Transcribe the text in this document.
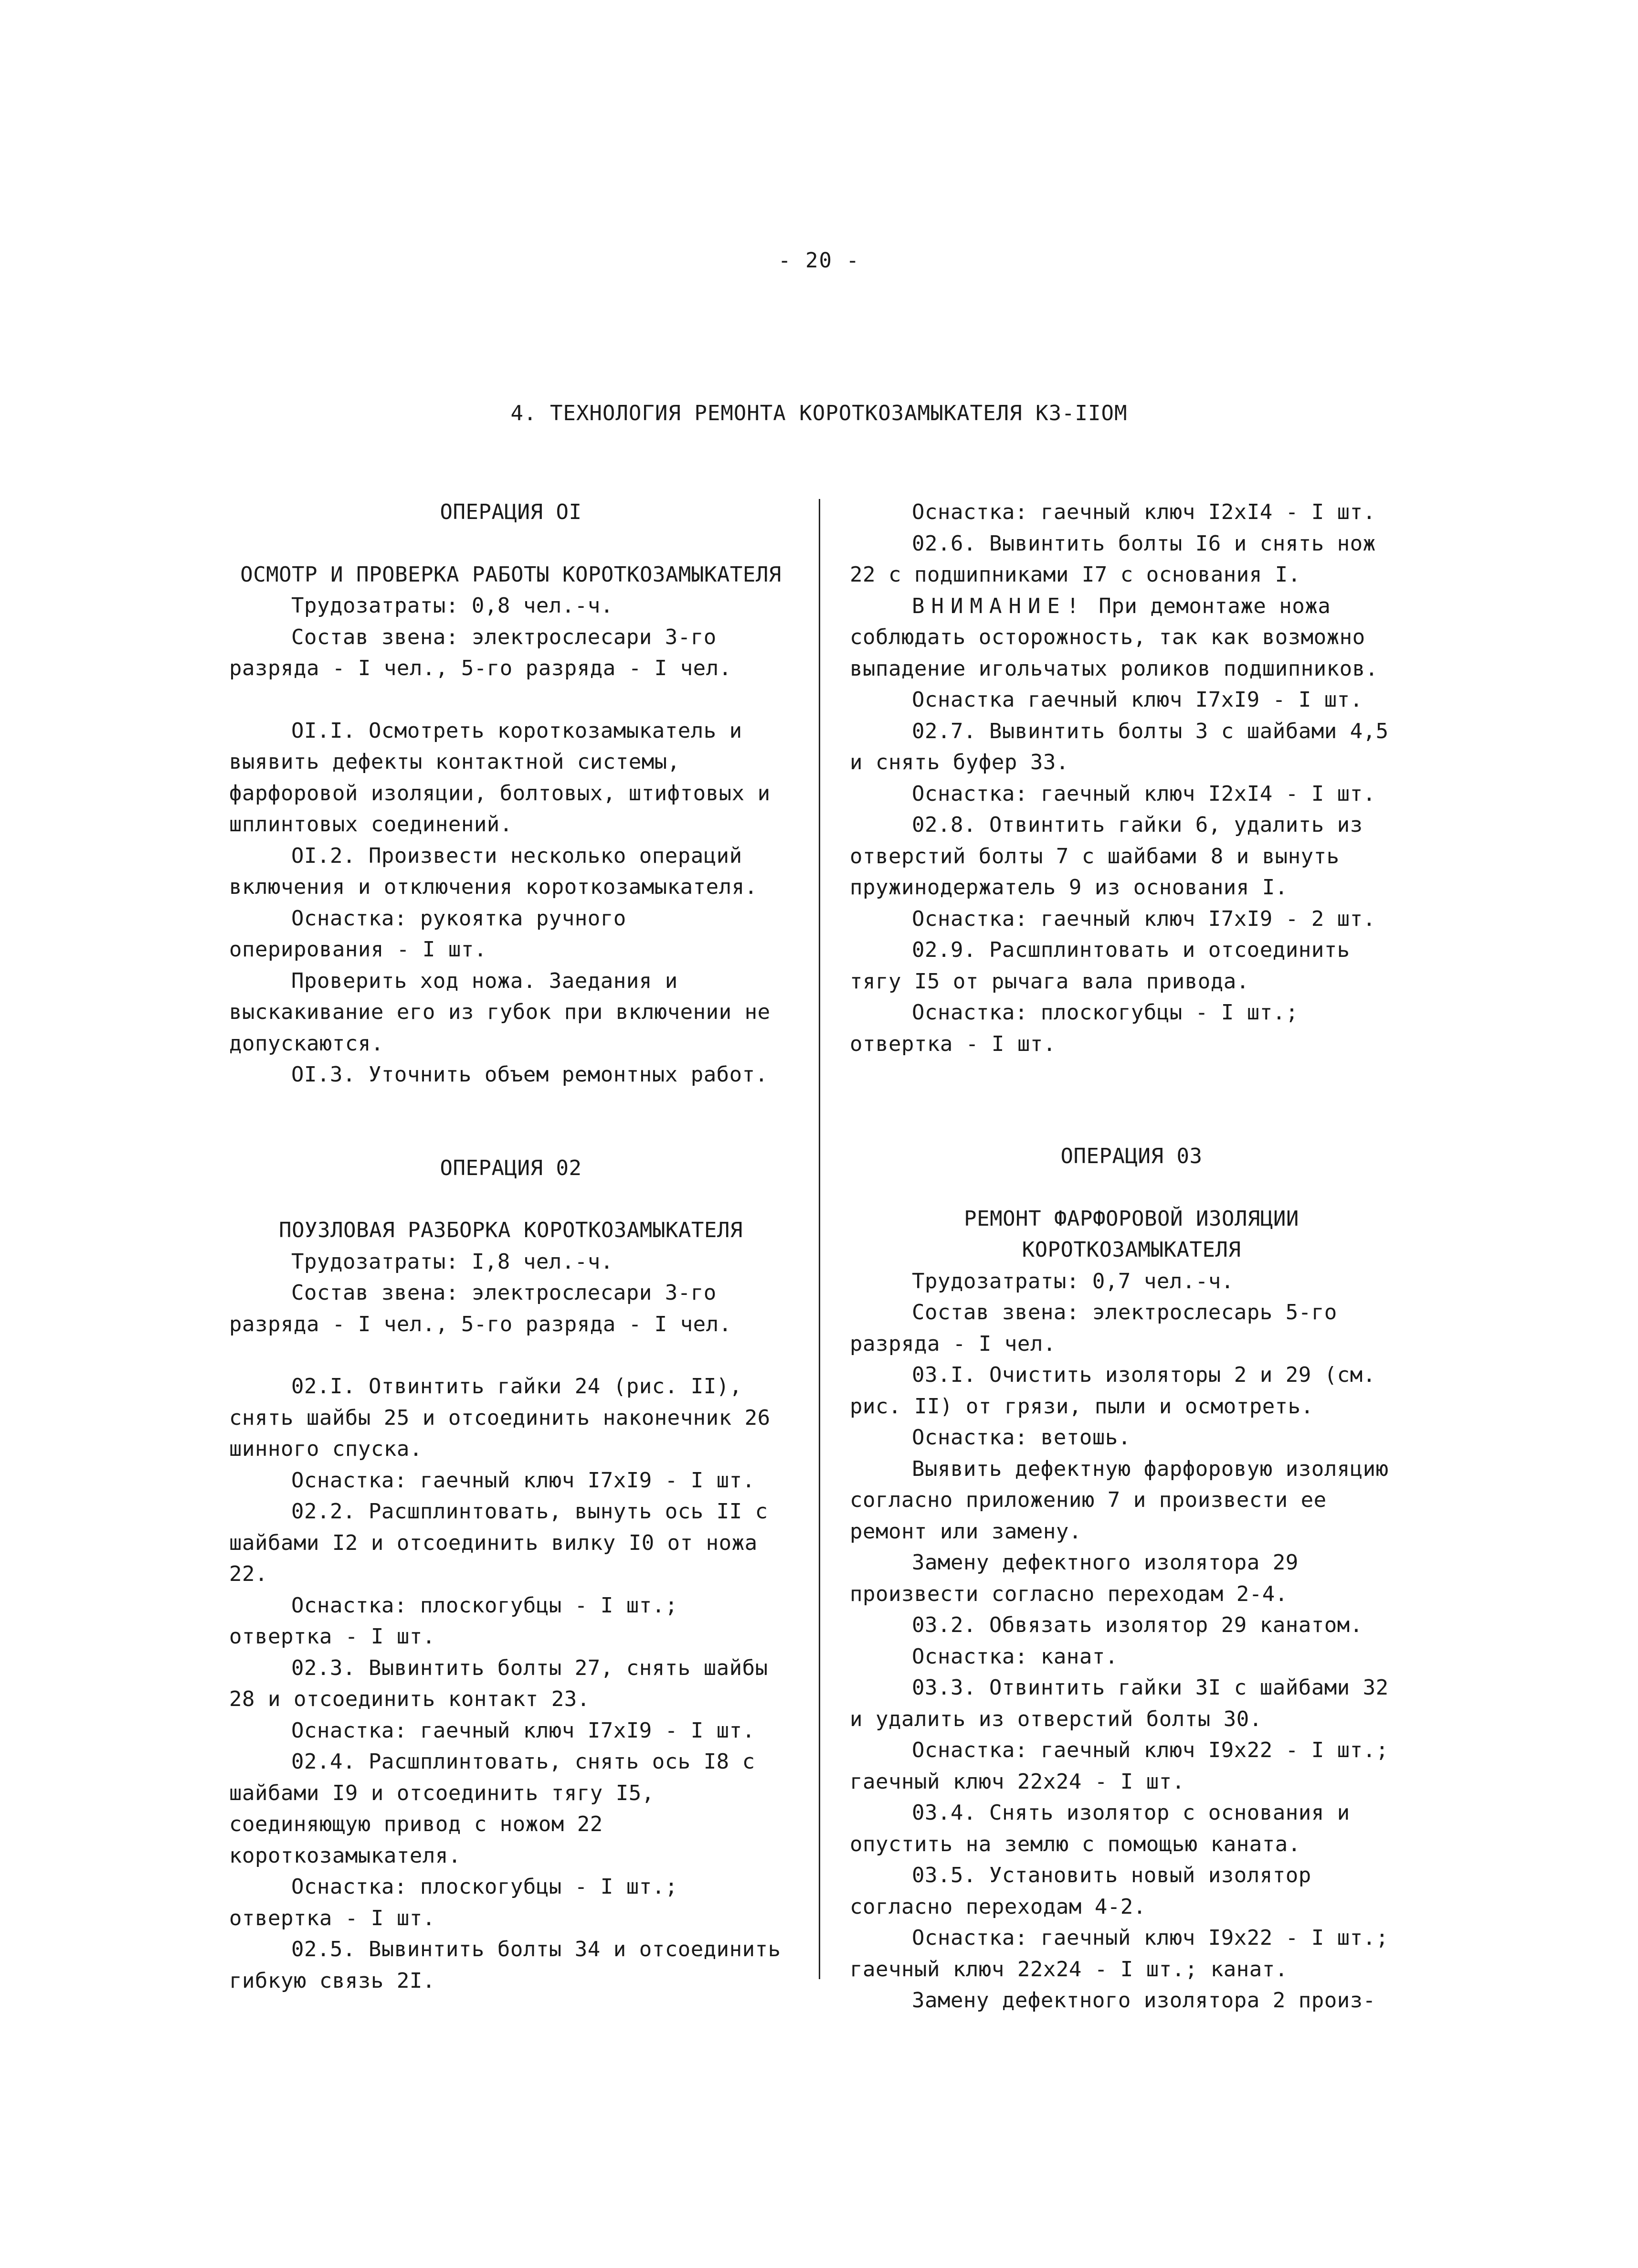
- 20 -
4. ТЕХНОЛОГИЯ РЕМОНТА КОРОТКОЗАМЫКАТЕЛЯ КЗ-IIOM

ОПЕРАЦИЯ OI

ОСМОТР И ПРОВЕРКА РАБОТЫ КОРОТКОЗАМЫКАТЕЛЯ

Трудозатраты: 0,8 чел.-ч.

Состав звена: электрослесари 3-го разряда - I чел., 5-го разряда - I чел.

OI.I. Осмотреть короткозамыкатель и выявить дефекты контактной системы, фарфоровой изоляции, болтовых, штифтовых и шплинтовых соединений.

OI.2. Произвести несколько операций включения и отключения короткозамыкателя.

Оснастка: рукоятка ручного оперирования - I шт.

Проверить ход ножа. Заедания и выскакивание его из губок при включении не допускаются.

OI.3. Уточнить объем ремонтных работ.

ОПЕРАЦИЯ 02

ПОУЗЛОВАЯ РАЗБОРКА КОРОТКОЗАМЫКАТЕЛЯ

Трудозатраты: I,8 чел.-ч.

Состав звена: электрослесари 3-го разряда - I чел., 5-го разряда - I чел.

02.I. Отвинтить гайки 24 (рис. II), снять шайбы 25 и отсоединить наконечник 26 шинного спуска.

Оснастка: гаечный ключ I7xI9 - I шт.

02.2. Расшплинтовать, вынуть ось II с шайбами I2 и отсоединить вилку I0 от ножа 22.

Оснастка: плоскогубцы - I шт.; отвертка - I шт.

02.3. Вывинтить болты 27, снять шайбы 28 и отсоединить контакт 23.

Оснастка: гаечный ключ I7xI9 - I шт.

02.4. Расшплинтовать, снять ось I8 с шайбами I9 и отсоединить тягу I5, соединяющую привод с ножом 22 короткозамыкателя.

Оснастка: плоскогубцы - I шт.; отвертка - I шт.

02.5. Вывинтить болты 34 и отсоединить гибкую связь 2I.

Оснастка: гаечный ключ I2xI4 - I шт.

02.6. Вывинтить болты I6 и снять нож 22 с подшипниками I7 с основания I.

ВНИМАНИЕ! При демонтаже ножа соблюдать осторожность, так как возможно выпадение игольчатых роликов подшипников.

Оснастка гаечный ключ I7xI9 - I шт.

02.7. Вывинтить болты 3 с шайбами 4,5 и снять буфер 33.

Оснастка: гаечный ключ I2xI4 - I шт.

02.8. Отвинтить гайки 6, удалить из отверстий болты 7 с шайбами 8 и вынуть пружинодержатель 9 из основания I.

Оснастка: гаечный ключ I7xI9 - 2 шт.

02.9. Расшплинтовать и отсоединить тягу I5 от рычага вала привода.

Оснастка: плоскогубцы - I шт.; отвертка - I шт.

ОПЕРАЦИЯ 03

РЕМОНТ ФАРФОРОВОЙ ИЗОЛЯЦИИ КОРОТКОЗАМЫКАТЕЛЯ

Трудозатраты: 0,7 чел.-ч.

Состав звена: электрослесарь 5-го разряда - I чел.

03.I. Очистить изоляторы 2 и 29 (см. рис. II) от грязи, пыли и осмотреть.

Оснастка: ветошь.

Выявить дефектную фарфоровую изоляцию согласно приложению 7 и произвести ее ремонт или замену.

Замену дефектного изолятора 29 произвести согласно переходам 2-4.

03.2. Обвязать изолятор 29 канатом.

Оснастка: канат.

03.3. Отвинтить гайки 3I с шайбами 32 и удалить из отверстий болты 30.

Оснастка: гаечный ключ I9x22 - I шт.; гаечный ключ 22x24 - I шт.

03.4. Снять изолятор с основания и опустить на землю с помощью каната.

03.5. Установить новый изолятор согласно переходам 4-2.

Оснастка: гаечный ключ I9x22 - I шт.; гаечный ключ 22x24 - I шт.; канат.

Замену дефектного изолятора 2 произ-
